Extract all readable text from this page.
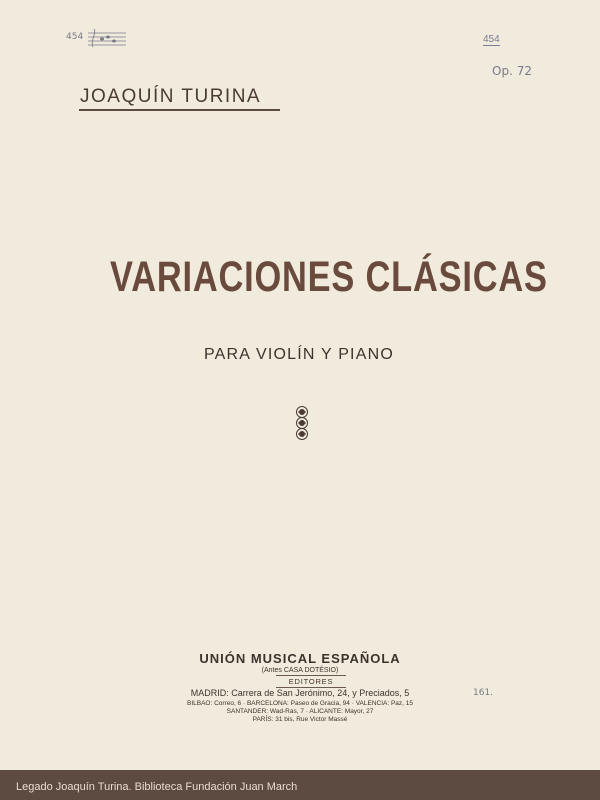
454	454
Op. 72
JOAQUÍN TURINA
VARIACIONES CLÁSICAS
PARA VIOLÍN Y PIANO
UNIÓN MUSICAL ESPAÑOLA
(Antes CASA DOTÉSIO)
EDITORES
MADRID: Carrera de San Jerónimo, 24, y Preciados, 5
BILBAO: Correo, 6 · BARCELONA: Paseo de Gracia, 94 · VALENCIA: Paz, 15
SANTANDER: Wad-Ras, 7 · ALICANTE: Mayor, 27
PARÍS: 31 bis, Rue Victor Massé
161.
Legado Joaquín Turina. Biblioteca Fundación Juan March
